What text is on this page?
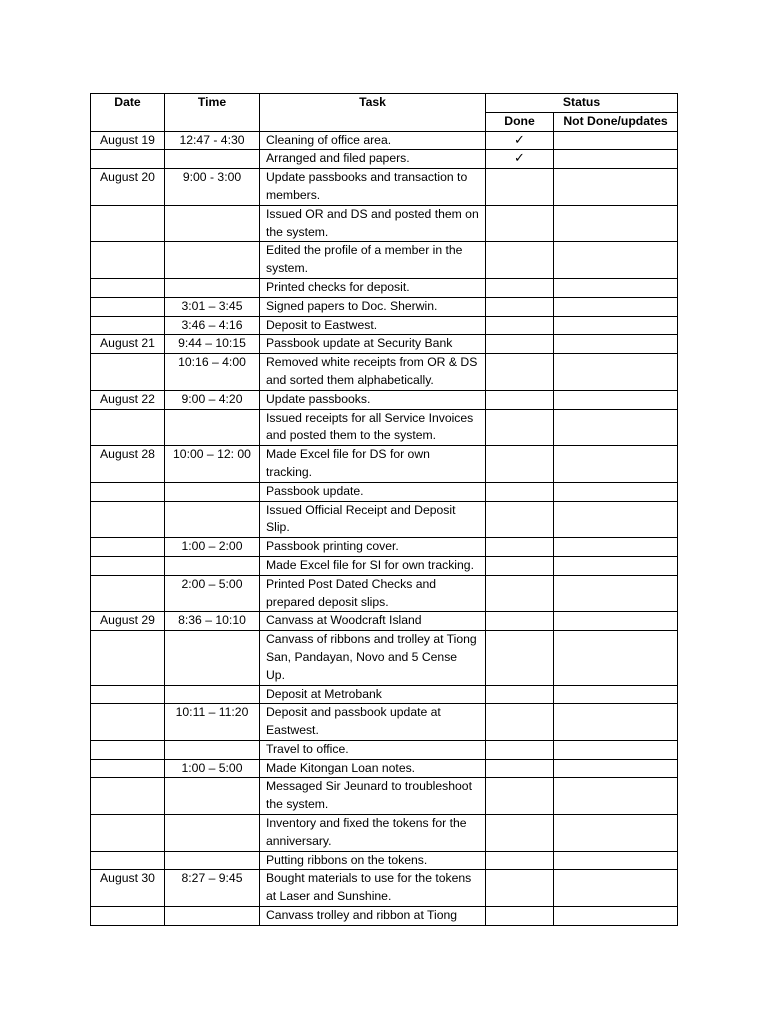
Date	Time	Task	Status	
			Done	Not Done/updates
August 19	12:47 - 4:30	Cleaning of office area.	✓	
		Arranged and filed papers.	✓	
August 20	9:00 - 3:00	Update passbooks and transaction to members.		
		Issued OR and DS and posted them on the system.		
		Edited the profile of a member in the system.		
		Printed checks for deposit.		
	3:01 – 3:45	Signed papers to Doc. Sherwin.		
	3:46 – 4:16	Deposit to Eastwest.		
August 21	9:44 – 10:15	Passbook update at Security Bank		
	10:16 – 4:00	Removed white receipts from OR & DS and sorted them alphabetically.		
August 22	9:00 – 4:20	Update passbooks.		
		Issued receipts for all Service Invoices and posted them to the system.		
August 28	10:00 – 12: 00	Made Excel file for DS for own tracking.		
		Passbook update.		
		Issued Official Receipt and Deposit Slip.		
	1:00 – 2:00	Passbook printing cover.		
		Made Excel file for SI for own tracking.		
	2:00 – 5:00	Printed Post Dated Checks and prepared deposit slips.		
August 29	8:36 – 10:10	Canvass at Woodcraft Island		
		Canvass of ribbons and trolley at Tiong San, Pandayan, Novo and 5 Cense Up.		
		Deposit at Metrobank		
	10:11 – 11:20	Deposit and passbook update at Eastwest.		
		Travel to office.		
	1:00 – 5:00	Made Kitongan Loan notes.		
		Messaged Sir Jeunard to troubleshoot the system.		
		Inventory and fixed the tokens for the anniversary.		
		Putting ribbons on the tokens.		
August 30	8:27 – 9:45	Bought materials to use for the tokens at Laser and Sunshine.		
		Canvass trolley and ribbon at Tiong		
